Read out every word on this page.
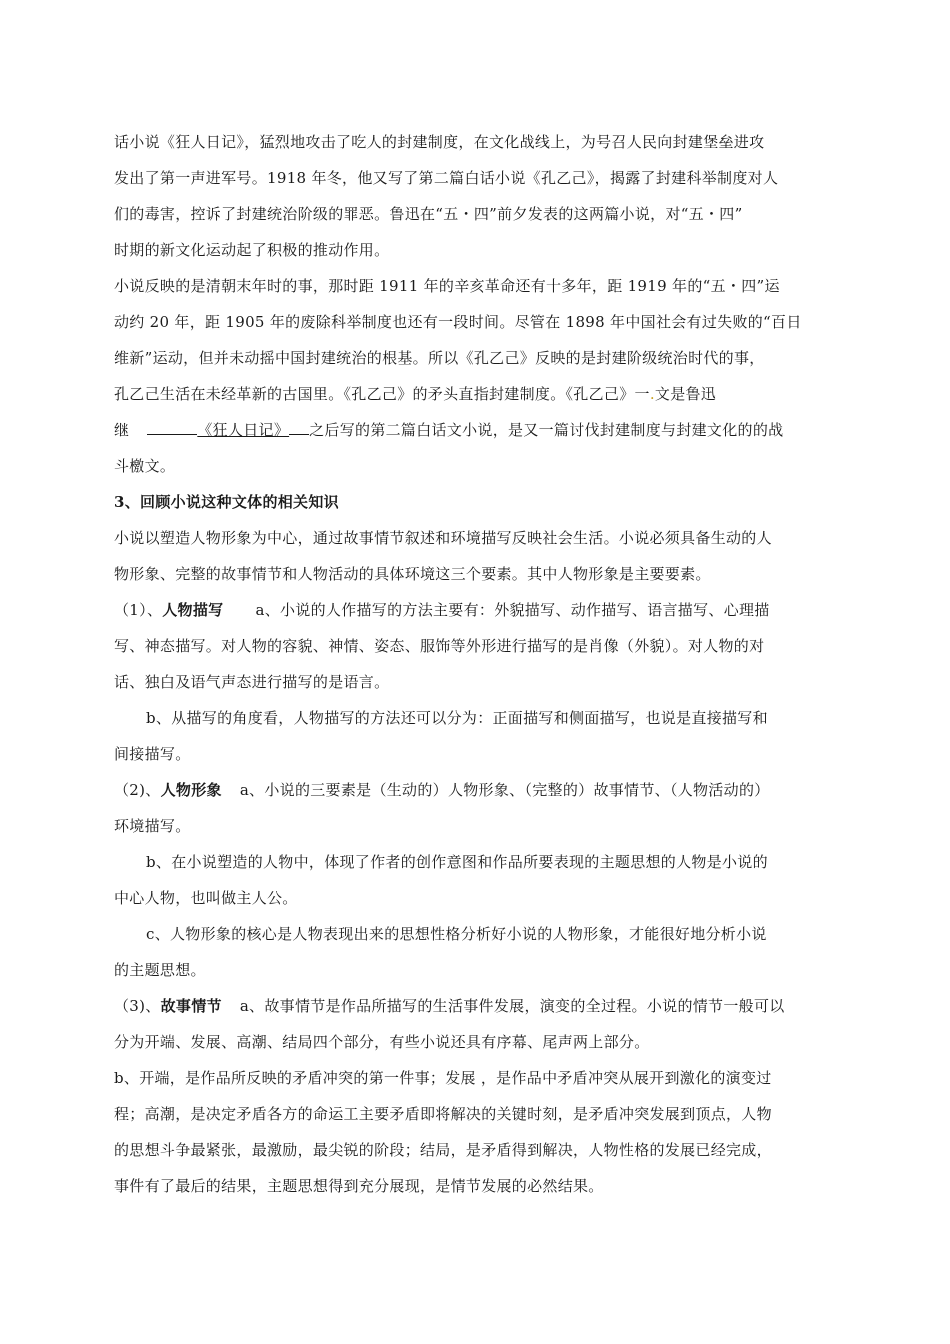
话小说《狂人日记》，猛烈地攻击了吃人的封建制度，在文化战线上，为号召人民向封建堡垒进攻
发出了第一声进军号。1918 年冬，他又写了第二篇白话小说《孔乙己》，揭露了封建科举制度对人
们的毒害，控诉了封建统治阶级的罪恶。鲁迅在“五・四”前夕发表的这两篇小说，对“五・四”
时期的新文化运动起了积极的推动作用。
小说反映的是清朝末年时的事，那时距 1911 年的辛亥革命还有十多年，距 1919 年的“五・四”运
动约 20 年，距 1905 年的废除科举制度也还有一段时间。尽管在 1898 年中国社会有过失败的“百日
维新”运动，但并未动摇中国封建统治的根基。所以《孔乙己》反映的是封建阶级统治时代的事，
孔乙己生活在未经革新的古国里。《孔乙己》的矛头直指封建制度。《孔乙己》一.文是鲁迅
继	《狂人日记》 之后写的第二篇白话文小说，是又一篇讨伐封建制度与封建文化的的战
斗檄文。
3、回顾小说这种文体的相关知识
小说以塑造人物形象为中心，通过故事情节叙述和环境描写反映社会生活。小说必须具备生动的人
物形象、完整的故事情节和人物活动的具体环境这三个要素。其中人物形象是主要要素。
（1）、人物描写 a、小说的人作描写的方法主要有：外貌描写、动作描写、语言描写、心理描
写、神态描写。对人物的容貌、神情、姿态、服饰等外形进行描写的是肖像（外貌）。对人物的对
话、独白及语气声态进行描写的是语言。
b、从描写的角度看，人物描写的方法还可以分为：正面描写和侧面描写，也说是直接描写和
间接描写。
（2)、人物形象 a、小说的三要素是（生动的）人物形象、（完整的）故事情节、（人物活动的）
环境描写。
b、在小说塑造的人物中，体现了作者的创作意图和作品所要表现的主题思想的人物是小说的
中心人物，也叫做主人公。
c、人物形象的核心是人物表现出来的思想性格分析好小说的人物形象，才能很好地分析小说
的主题思想。
（3)、故事情节 a、故事情节是作品所描写的生活事件发展，演变的全过程。小说的情节一般可以
分为开端、发展、高潮、结局四个部分，有些小说还具有序幕、尾声两上部分。
b、开端，是作品所反映的矛盾冲突的第一件事；发展 ，是作品中矛盾冲突从展开到激化的演变过
程；高潮，是决定矛盾各方的命运工主要矛盾即将解决的关键时刻，是矛盾冲突发展到顶点，人物
的思想斗争最紧张，最激励，最尖锐的阶段；结局，是矛盾得到解决，人物性格的发展已经完成，
事件有了最后的结果，主题思想得到充分展现，是情节发展的必然结果。
